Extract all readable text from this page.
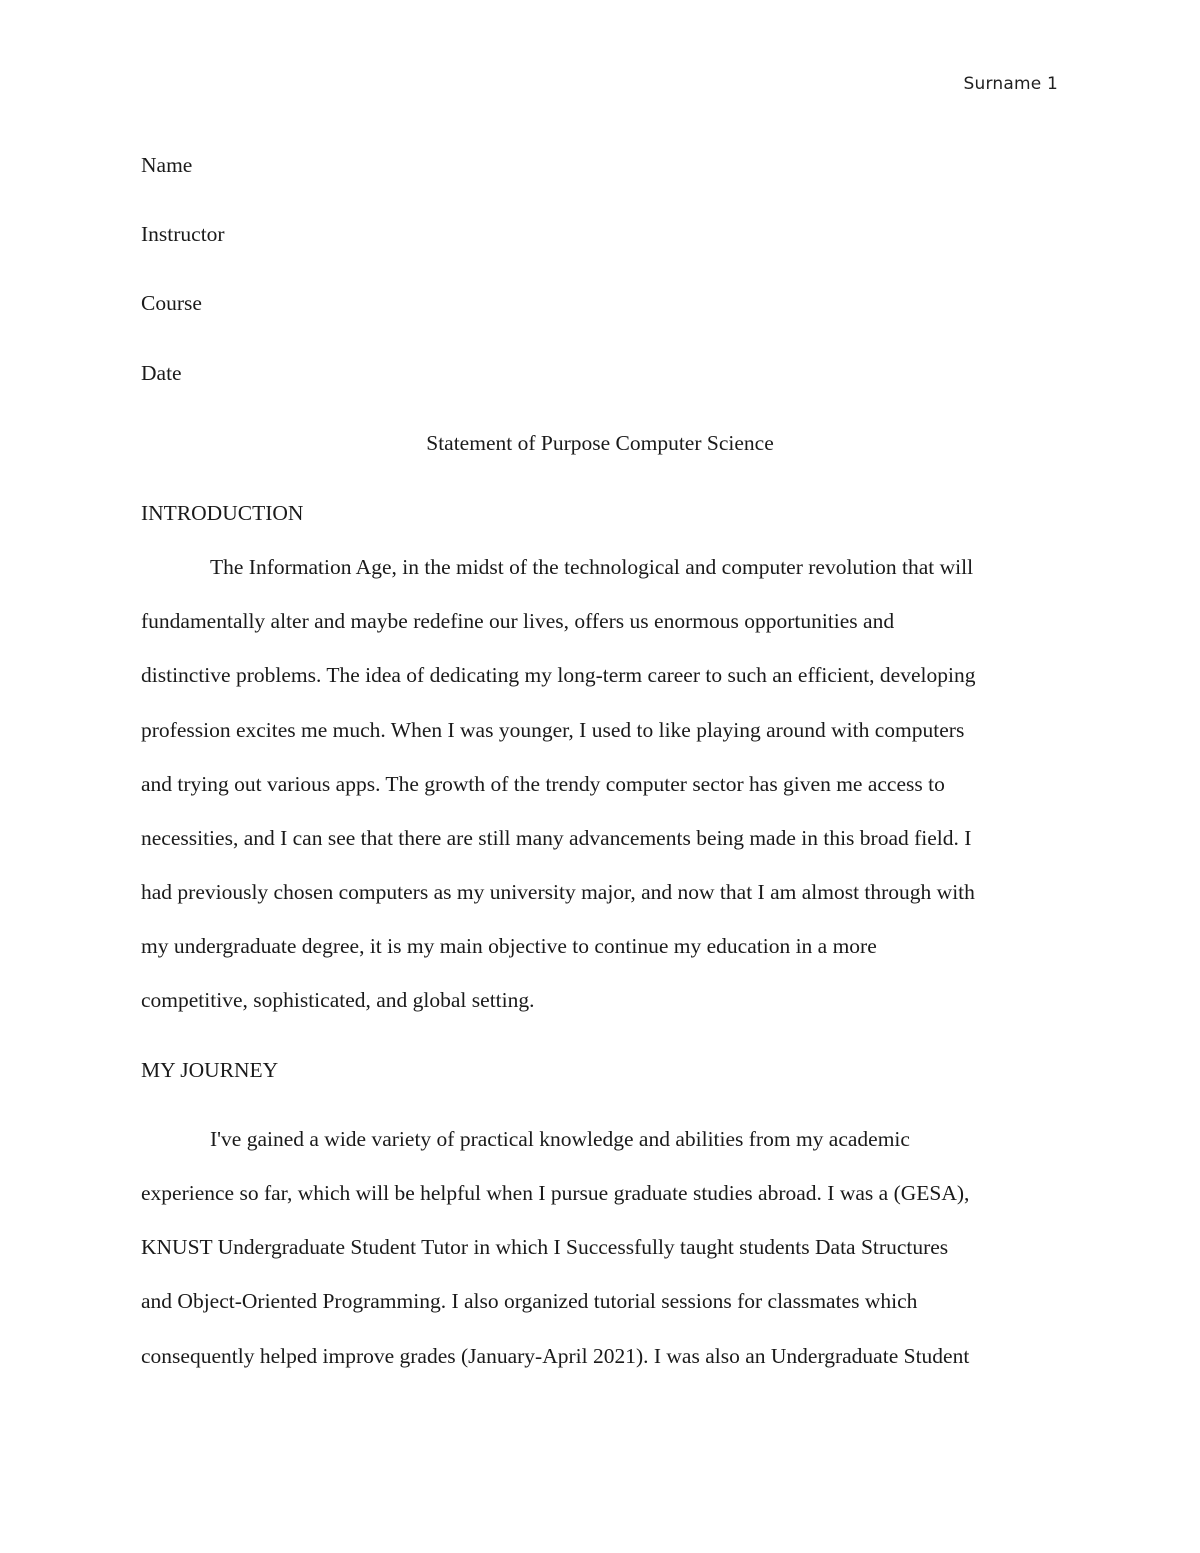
Surname 1
Name
Instructor
Course
Date
Statement of Purpose Computer Science
INTRODUCTION
The Information Age, in the midst of the technological and computer revolution that will
fundamentally alter and maybe redefine our lives, offers us enormous opportunities and
distinctive problems. The idea of dedicating my long-term career to such an efficient, developing
profession excites me much. When I was younger, I used to like playing around with computers
and trying out various apps. The growth of the trendy computer sector has given me access to
necessities, and I can see that there are still many advancements being made in this broad field. I
had previously chosen computers as my university major, and now that I am almost through with
my undergraduate degree, it is my main objective to continue my education in a more
competitive, sophisticated, and global setting.
MY JOURNEY
I've gained a wide variety of practical knowledge and abilities from my academic
experience so far, which will be helpful when I pursue graduate studies abroad. I was a (GESA),
KNUST Undergraduate Student Tutor in which I Successfully taught students Data Structures
and Object-Oriented Programming. I also organized tutorial sessions for classmates which
consequently helped improve grades (January-April 2021). I was also an Undergraduate Student
